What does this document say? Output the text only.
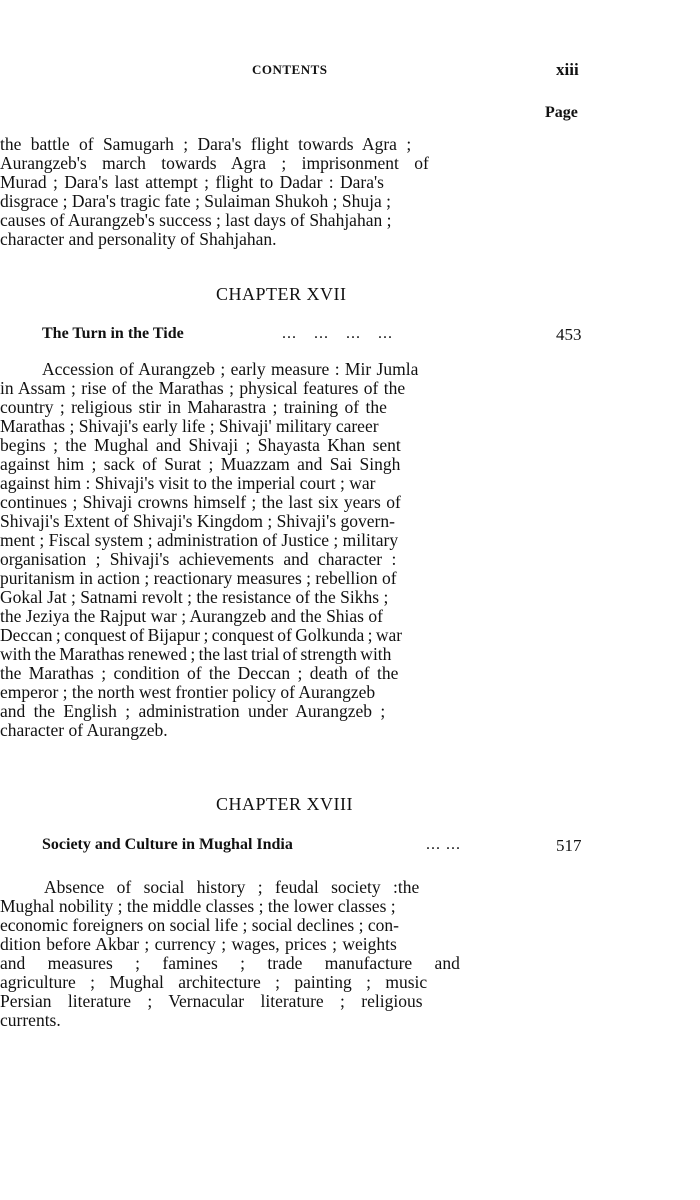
CONTENTS	xiii
Page
the battle of Samugarh ; Dara's flight towards Agra ;
Aurangzeb's march towards Agra ; imprisonment of
Murad ; Dara's last attempt ; flight to Dadar : Dara's
disgrace ; Dara's tragic fate ; Sulaiman Shukoh ; Shuja ;
causes of Aurangzeb's success ; last days of Shahjahan ;
character and personality of Shahjahan.
CHAPTER XVII
The Turn in the Tide	... ... ... ...	453
Accession of Aurangzeb ; early measure : Mir Jumla
in Assam ; rise of the Marathas ; physical features of the
country ; religious stir in Maharastra ; training of the
Marathas ; Shivaji's early life ; Shivaji' military career
begins ; the Mughal and Shivaji ; Shayasta Khan sent
against him ; sack of Surat ; Muazzam and Sai Singh
against him : Shivaji's visit to the imperial court ; war
continues ; Shivaji crowns himself ; the last six years of
Shivaji's Extent of Shivaji's Kingdom ; Shivaji's govern-
ment ; Fiscal system ; administration of Justice ; military
organisation ; Shivaji's achievements and character :
puritanism in action ; reactionary measures ; rebellion of
Gokal Jat ; Satnami revolt ; the resistance of the Sikhs ;
the Jeziya the Rajput war ; Aurangzeb and the Shias of
Deccan ; conquest of Bijapur ; conquest of Golkunda ; war
with the Marathas renewed ; the last trial of strength with
the Marathas ; condition of the Deccan ; death of the
emperor ; the north west frontier policy of Aurangzeb
and the English ; administration under Aurangzeb ;
character of Aurangzeb.
CHAPTER XVIII
Society and Culture in Mughal India	... ...	517
Absence of social history ; feudal society :the
Mughal nobility ; the middle classes ; the lower classes ;
economic foreigners on social life ; social declines ; con-
dition before Akbar ; currency ; wages, prices ; weights
and measures ; famines ; trade manufacture and
agriculture ; Mughal architecture ; painting ; music
Persian literature ; Vernacular literature ; religious
currents.
